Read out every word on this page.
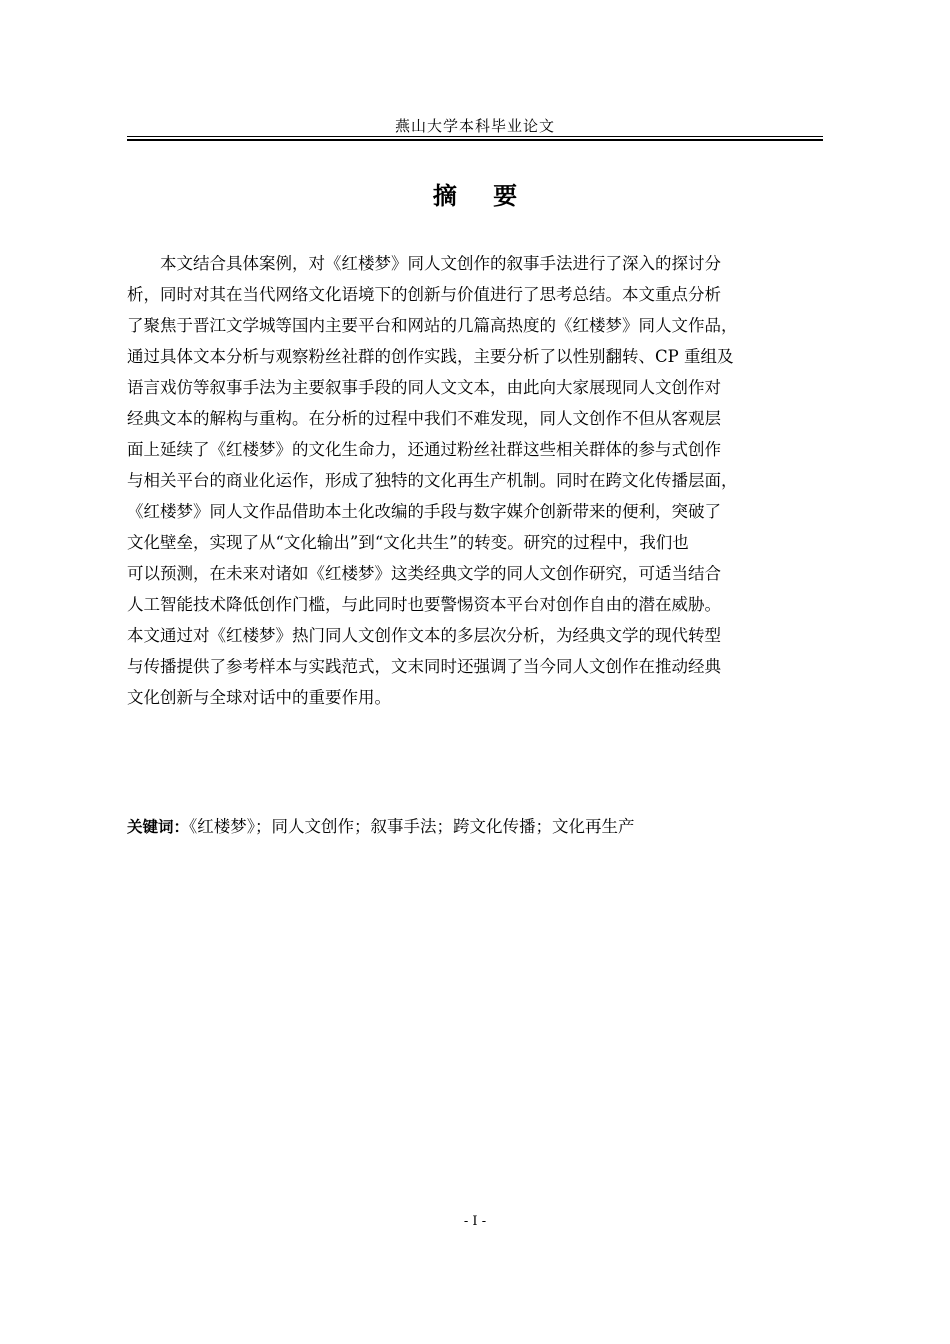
燕山大学本科毕业论文
摘 要
　　本文结合具体案例，对《红楼梦》同人文创作的叙事手法进行了深入的探讨分
析，同时对其在当代网络文化语境下的创新与价值进行了思考总结。本文重点分析
了聚焦于晋江文学城等国内主要平台和网站的几篇高热度的《红楼梦》同人文作品，
通过具体文本分析与观察粉丝社群的创作实践，主要分析了以性别翻转、CP 重组及
语言戏仿等叙事手法为主要叙事手段的同人文文本，由此向大家展现同人文创作对
经典文本的解构与重构。在分析的过程中我们不难发现，同人文创作不但从客观层
面上延续了《红楼梦》的文化生命力，还通过粉丝社群这些相关群体的参与式创作
与相关平台的商业化运作，形成了独特的文化再生产机制。同时在跨文化传播层面，
《红楼梦》同人文作品借助本土化改编的手段与数字媒介创新带来的便利，突破了
文化壁垒，实现了从“文化输出”到“文化共生”的转变。研究的过程中，我们也
可以预测，在未来对诸如《红楼梦》这类经典文学的同人文创作研究，可适当结合
人工智能技术降低创作门槛，与此同时也要警惕资本平台对创作自由的潜在威胁。
本文通过对《红楼梦》热门同人文创作文本的多层次分析，为经典文学的现代转型
与传播提供了参考样本与实践范式，文末同时还强调了当今同人文创作在推动经典
文化创新与全球对话中的重要作用。
关键词：《红楼梦》；同人文创作；叙事手法；跨文化传播；文化再生产
- I -
